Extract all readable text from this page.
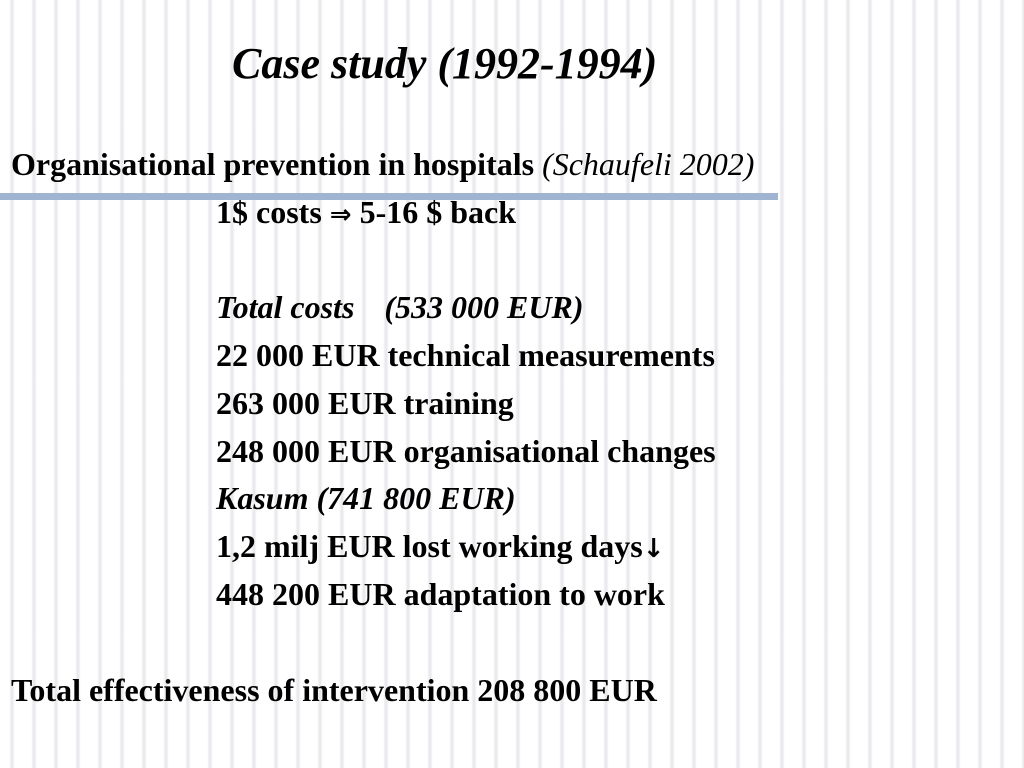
Case study (1992-1994)
Organisational prevention in hospitals (Schaufeli 2002)
1$ costs ⇒ 5-16 $ back
Total costs (533 000 EUR)
22 000 EUR technical measurements
263 000 EUR training
248 000 EUR organisational changes
Kasum (741 800 EUR)
1,2 milj EUR lost working days↓
448 200 EUR adaptation to work
Total effectiveness of intervention 208 800 EUR
